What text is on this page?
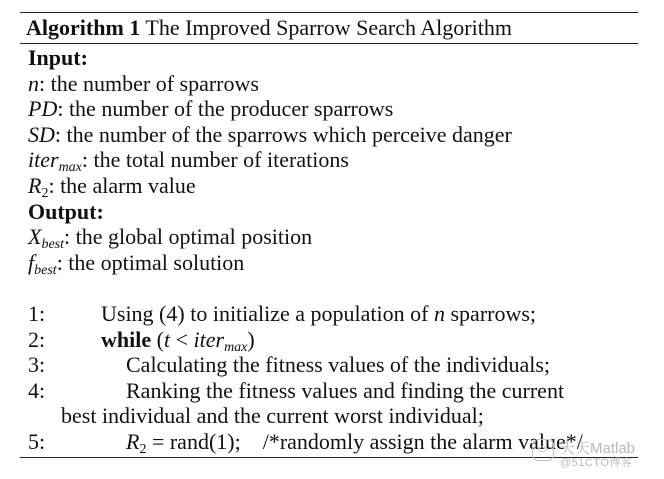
Algorithm 1 The Improved Sparrow Search Algorithm
Input:
n: the number of sparrows
PD: the number of the producer sparrows
SD: the number of the sparrows which perceive danger
iter$_{max}$: the total number of iterations
$R_2$: the alarm value
Output:
$X_{best}$: the global optimal position
$f_{best}$: the optimal solution
1:	Using (4) to initialize a population of n sparrows;
2:	while (t < iter$_{max}$)
3:	Calculating the fitness values of the individuals;
4:	Ranking the fitness values and finding the current
best individual and the current worst individual;
5:	$R_2$ = rand(1);    /*randomly assign the alarm value*/
天天Matlab
@51CTO博客
